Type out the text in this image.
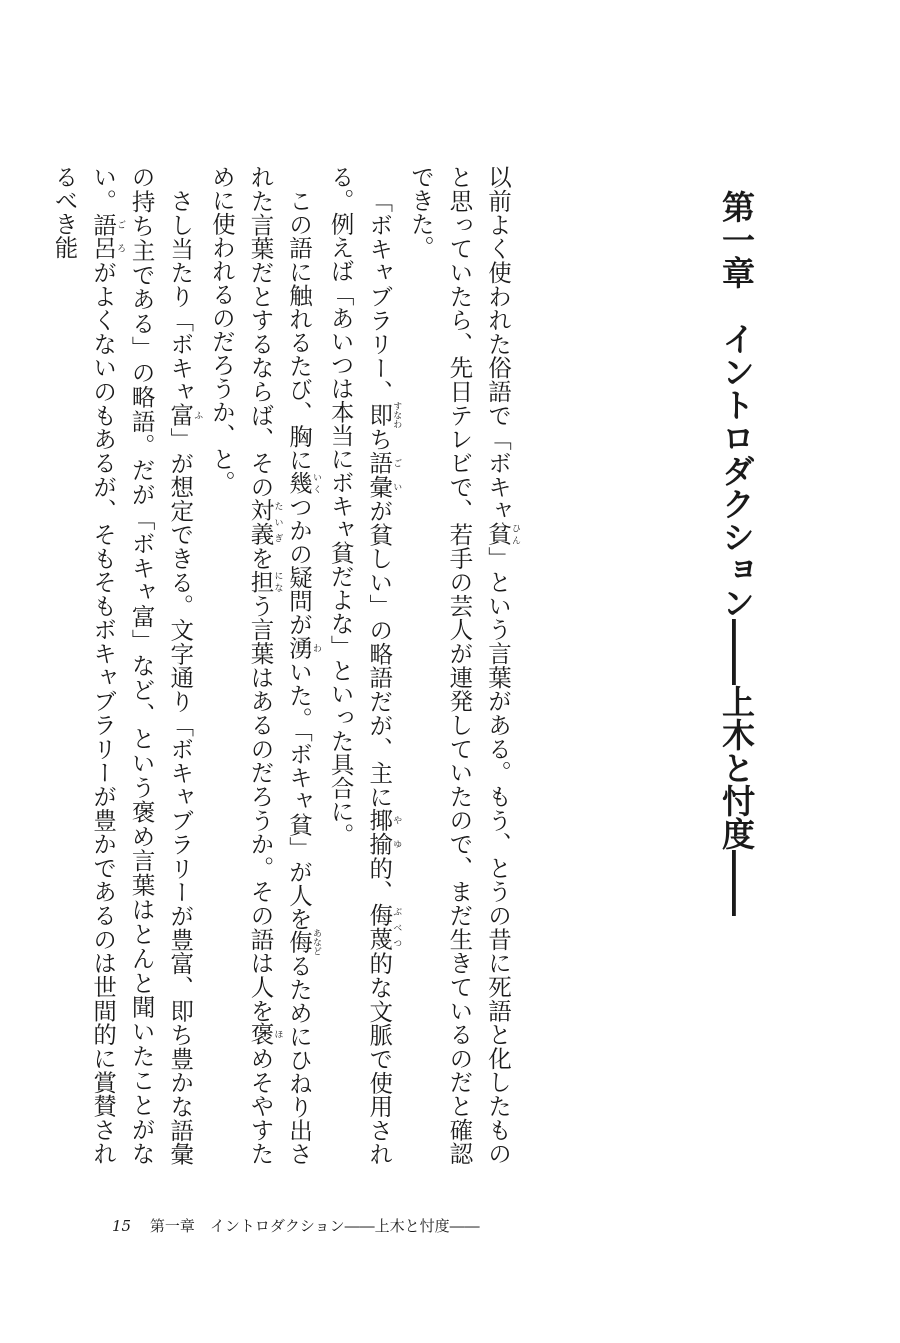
第一章　イントロダクション――上木と忖度――

以前よく使われた俗語で「ボキャ貧ひん」という言葉がある。もう、とうの昔に死語と化したものと思っていたら、先日テレビで、若手の芸人が連発していたので、まだ生きているのだと確認できた。

「ボキャブラリー、即すなわち語彙ごいが貧しい」の略語だが、主に揶揄やゆ的、侮蔑ぶべつ的な文脈で使用される。例えば「あいつは本当にボキャ貧だよな」といった具合に。

この語に触れるたび、胸に幾いくつかの疑問が湧わいた。「ボキャ貧」が人を侮あなどるためにひねり出された言葉だとするならば、その対義たいぎを担になう言葉はあるのだろうか。その語は人を褒ほめそやすために使われるのだろうか、と。

さし当たり「ボキャ富ふ」が想定できる。文字通り「ボキャブラリーが豊富、即ち豊かな語彙の持ち主である」の略語。だが「ボキャ富」など、という褒め言葉はとんと聞いたことがない。語ご呂ろがよくないのもあるが、そもそもボキャブラリーが豊かであるのは世間的に賞賛されるべき能

15 第一章　イントロダクション――上木と忖度――
